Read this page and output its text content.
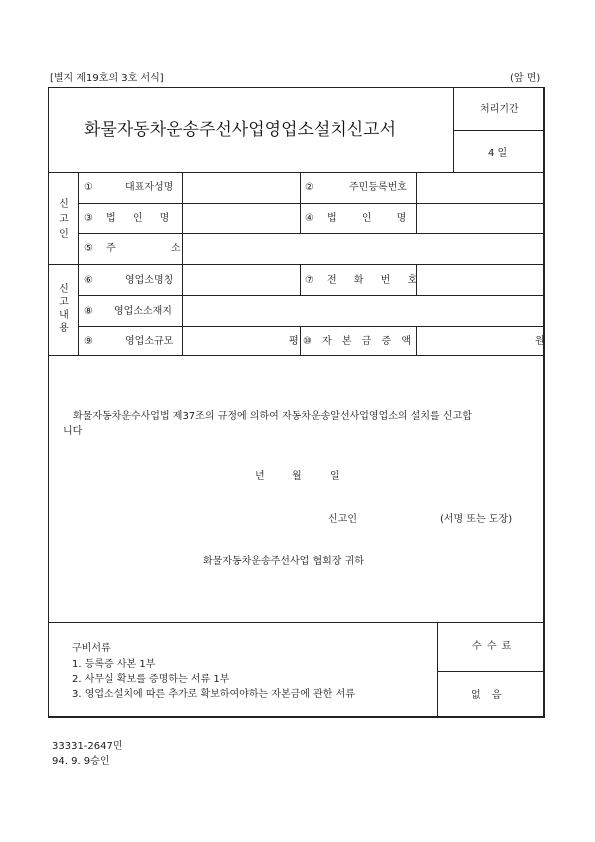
[별지 제19호의 3호 서식]	(앞 면)
화물자동차운송주선사업영업소설치신고서
처리기간
4 일
신고인
신고내용
①	대표자성명	②	주민등록번호
③ 법 인 명	④ 법 인 명
⑤ 주 소
⑥	영업소명칭	⑦ 전 화 번 호
⑧ 영업소소재지
⑨	영업소규모	평 ⑩ 자 본 금 증 액	원
화물자동차운수사업법 제37조의 규정에 의하여 자동차운송알선사업영업소의 설치를 신고합
니다
년	월	일
신고인	(서명 또는 도장)
화물자동차운송주선사업 협회장 귀하
구비서류
1. 등록증 사본 1부
2. 사무실 확보를 증명하는 서류 1부
3. 영업소설치에 따른 추가로 확보하여야하는 자본금에 관한 서류
수 수 료
없 음
33331-2647민
94. 9. 9승인
